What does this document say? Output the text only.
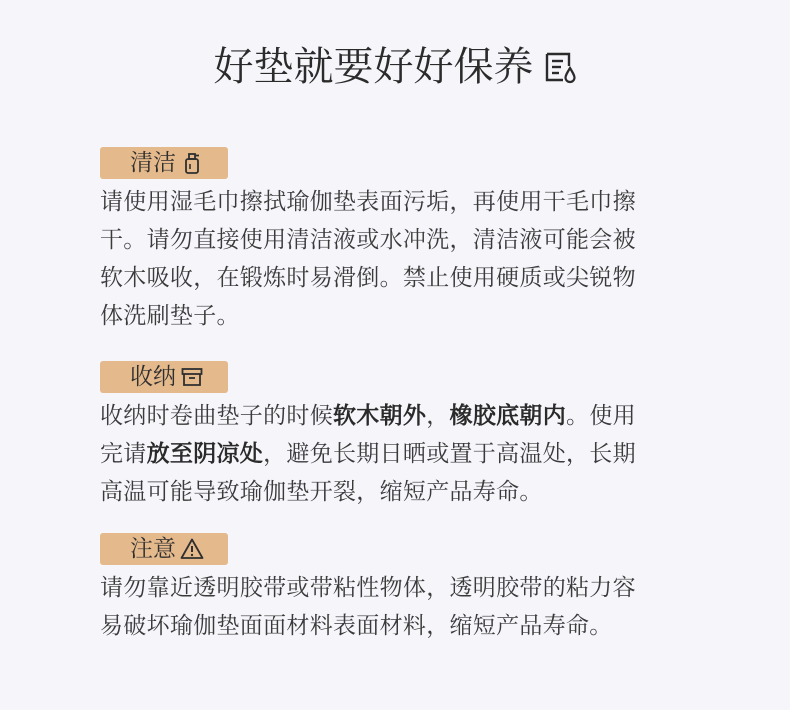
好垫就要好好保养
清洁

请使用湿毛巾擦拭瑜伽垫表面污垢，再使用干毛巾擦
干。请勿直接使用清洁液或水冲洗，清洁液可能会被
软木吸收，在锻炼时易滑倒。禁止使用硬质或尖锐物
体洗刷垫子。

收纳

收纳时卷曲垫子的时候软木朝外，橡胶底朝内。使用
完请放至阴凉处，避免长期日晒或置于高温处，长期
高温可能导致瑜伽垫开裂，缩短产品寿命。

注意

请勿靠近透明胶带或带粘性物体，透明胶带的粘力容
易破坏瑜伽垫面面材料表面材料，缩短产品寿命。
